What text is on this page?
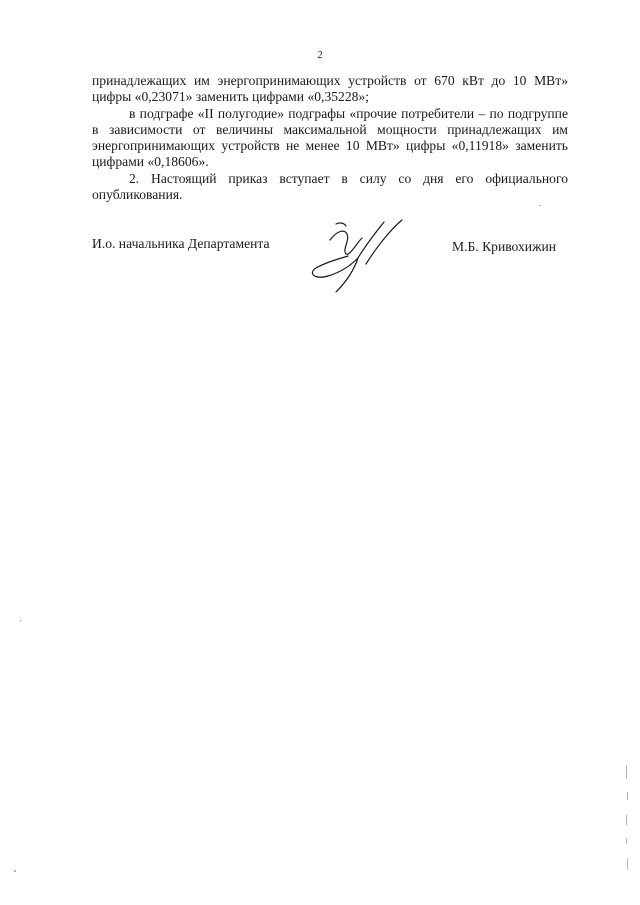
2

принадлежащих им энергопринимающих устройств от 670 кВт до 10 МВт» цифры «0,23071» заменить цифрами «0,35228»;

в подграфе «II полугодие» подграфы «прочие потребители – по подгруппе в зависимости от величины максимальной мощности принадлежащих им энергопринимающих устройств не менее 10 МВт» цифры «0,11918» заменить цифрами «0,18606».

2. Настоящий приказ вступает в силу со дня его официального опубликования.

И.о. начальника Департамента	М.Б. Кривохижин
